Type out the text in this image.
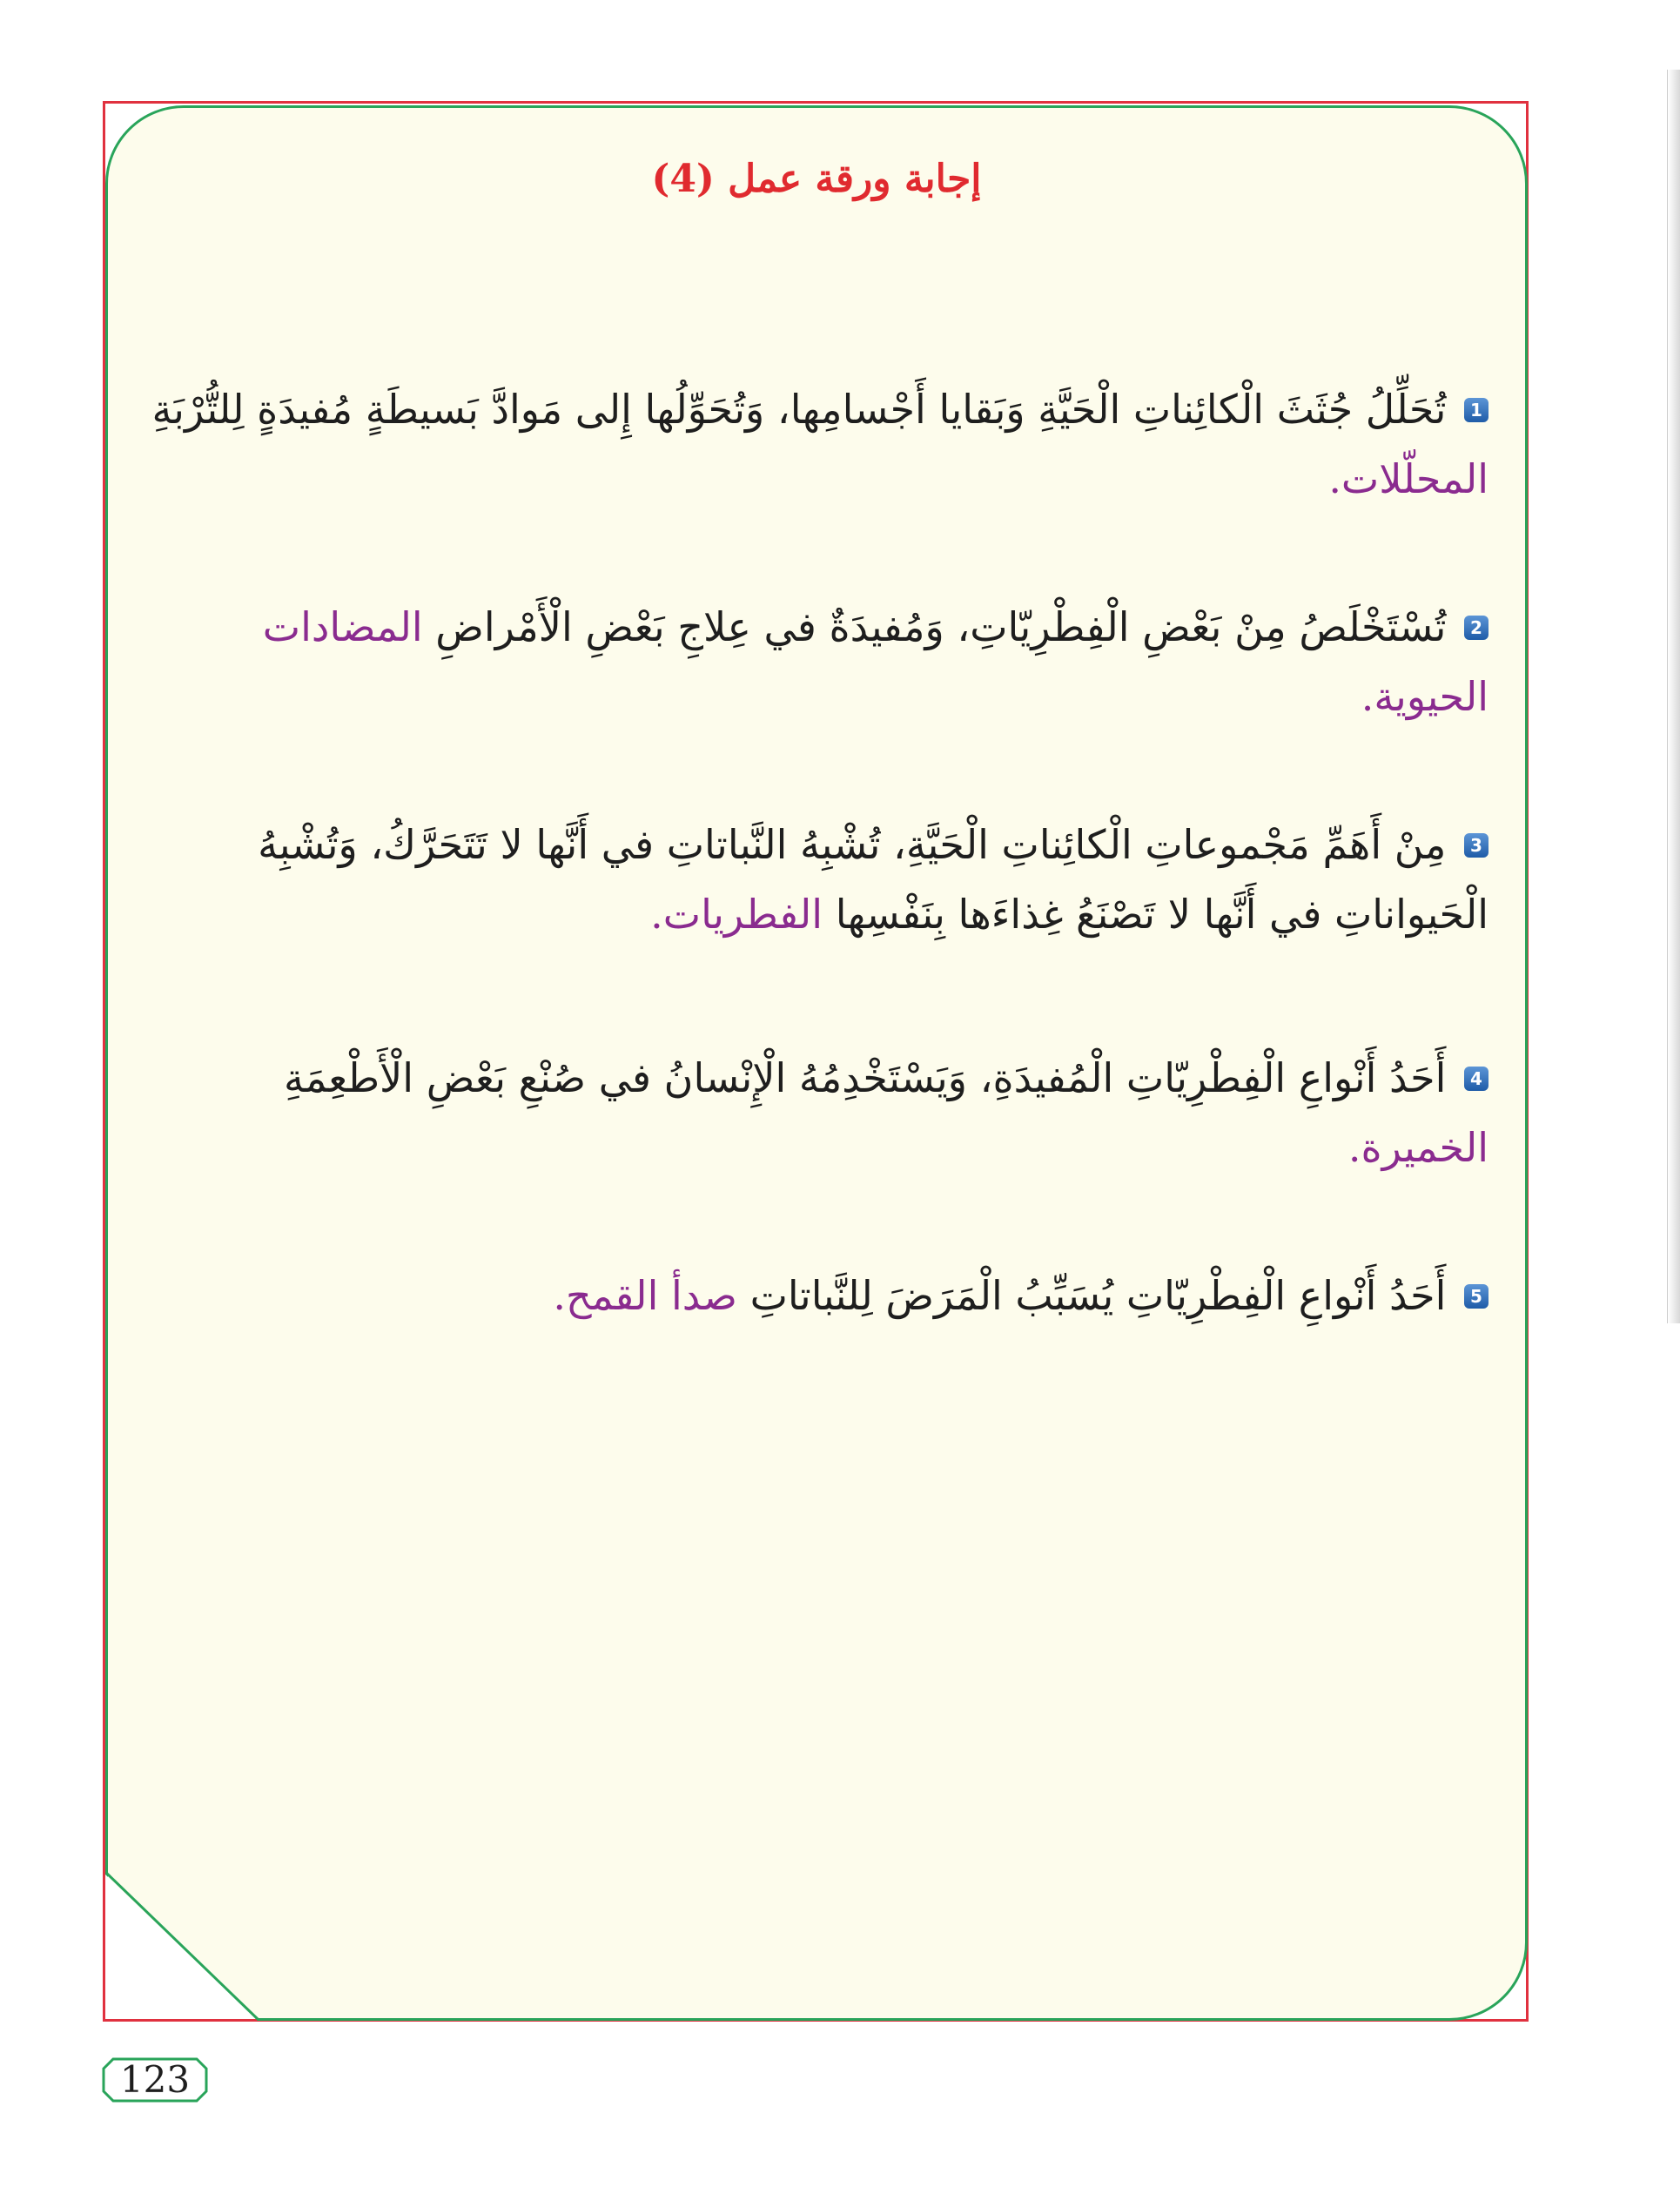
إجابة ورقة عمل (4)
1 تُحَلِّلُ جُثَثَ الْكائِناتِ الْحَيَّةِ وَبَقايا أَجْسامِها، وَتُحَوِّلُها إِلى مَوادَّ بَسيطَةٍ مُفيدَةٍ لِلتُّرْبَةِ المحلّلات.
2 تُسْتَخْلَصُ مِنْ بَعْضِ الْفِطْرِيّاتِ، وَمُفيدَةٌ في عِلاجِ بَعْضِ الْأَمْراضِ المضادات الحيوية.
3 مِنْ أَهَمِّ مَجْموعاتِ الْكائِناتِ الْحَيَّةِ، تُشْبِهُ النَّباتاتِ في أَنَّها لا تَتَحَرَّكُ، وَتُشْبِهُ الْحَيواناتِ في أَنَّها لا تَصْنَعُ غِذاءَها بِنَفْسِها الفطريات.
4 أَحَدُ أَنْواعِ الْفِطْرِيّاتِ الْمُفيدَةِ، وَيَسْتَخْدِمُهُ الْإِنْسانُ في صُنْعِ بَعْضِ الْأَطْعِمَةِ الخميرة.
5 أَحَدُ أَنْواعِ الْفِطْرِيّاتِ يُسَبِّبُ الْمَرَضَ لِلنَّباتاتِ صدأ القمح.
123
